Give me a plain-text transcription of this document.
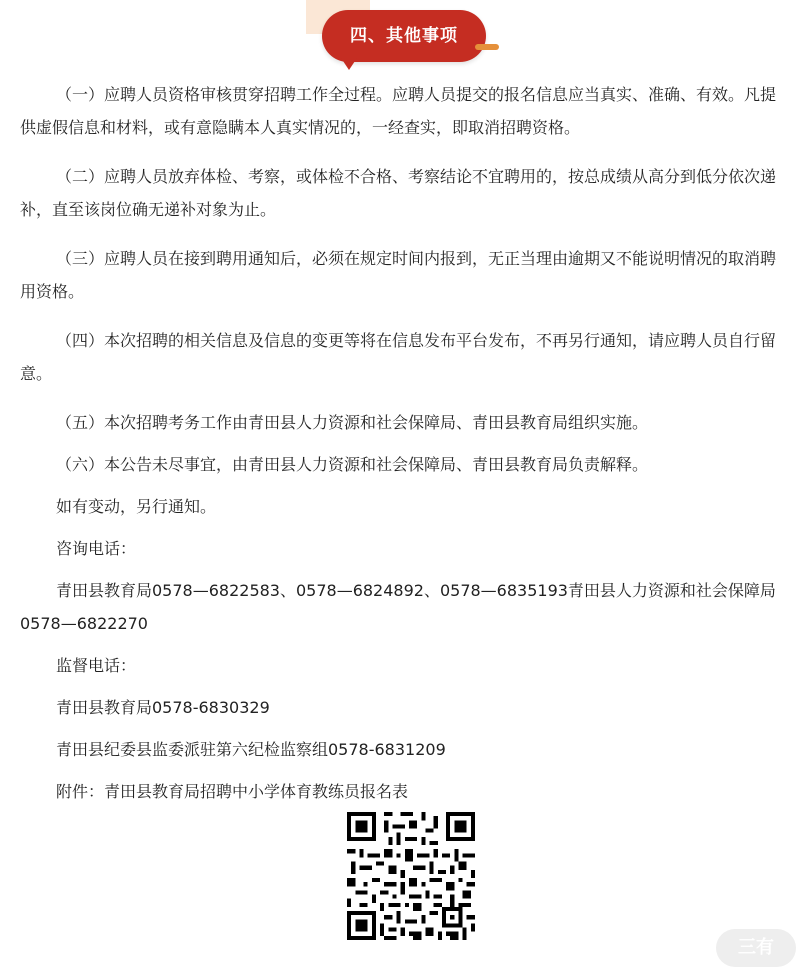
四、其他事项

（一）应聘人员资格审核贯穿招聘工作全过程。应聘人员提交的报名信息应当真实、准确、有效。凡提供虚假信息和材料，或有意隐瞒本人真实情况的，一经查实，即取消招聘资格。

（二）应聘人员放弃体检、考察，或体检不合格、考察结论不宜聘用的，按总成绩从高分到低分依次递补，直至该岗位确无递补对象为止。

（三）应聘人员在接到聘用通知后，必须在规定时间内报到，无正当理由逾期又不能说明情况的取消聘用资格。

（四）本次招聘的相关信息及信息的变更等将在信息发布平台发布，不再另行通知，请应聘人员自行留意。

（五）本次招聘考务工作由青田县人力资源和社会保障局、青田县教育局组织实施。

（六）本公告未尽事宜，由青田县人力资源和社会保障局、青田县教育局负责解释。

如有变动，另行通知。

咨询电话：

青田县教育局0578—6822583、0578—6824892、0578—6835193青田县人力资源和社会保障局 0578—6822270

监督电话：

青田县教育局0578-6830329

青田县纪委县监委派驻第六纪检监察组0578-6831209

附件：青田县教育局招聘中小学体育教练员报名表

三有
